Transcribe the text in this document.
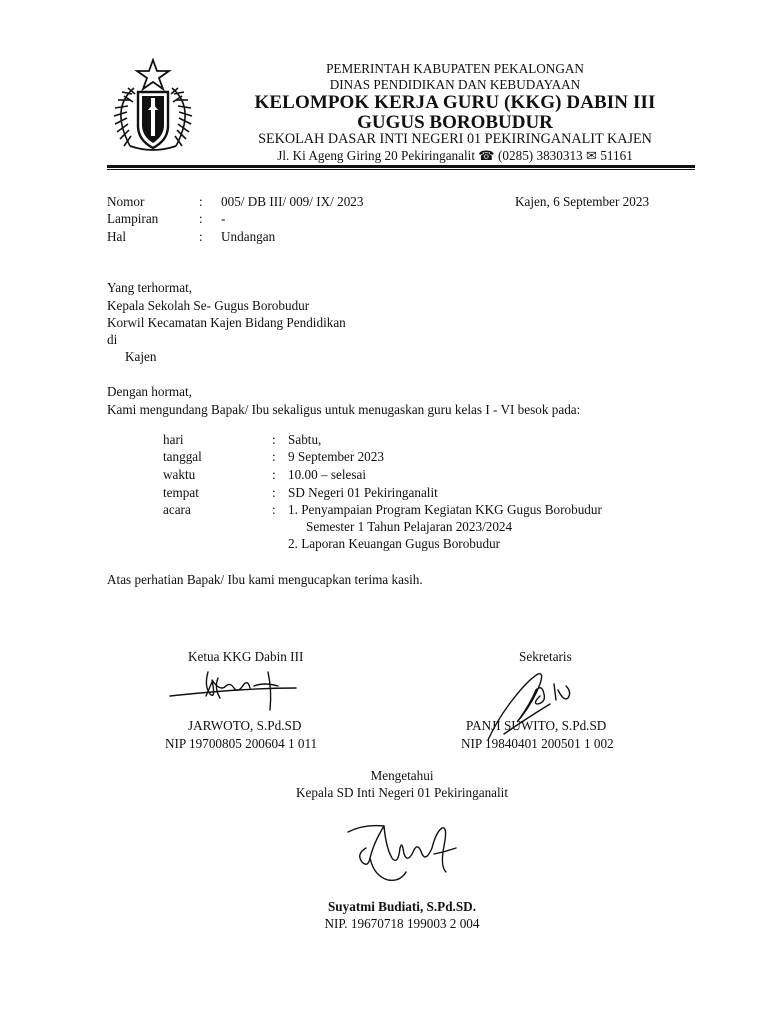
PEMERINTAH KABUPATEN PEKALONGAN
DINAS PENDIDIKAN DAN KEBUDAYAAN
KELOMPOK KERJA GURU (KKG) DABIN III
GUGUS BOROBUDUR
SEKOLAH DASAR INTI NEGERI 01 PEKIRINGANALIT KAJEN
Jl. Ki Ageng Giring 20 Pekiringanalit ☎ (0285) 3830313 ✉ 51161
Nomor	: 005/ DB III/ 009/ IX/ 2023	Kajen, 6 September 2023
Lampiran	: -
Hal	: Undangan
Yang terhormat,
Kepala Sekolah Se- Gugus Borobudur
Korwil Kecamatan Kajen Bidang Pendidikan
di
Kajen
Dengan hormat,
Kami mengundang Bapak/ Ibu sekaligus untuk menugaskan guru kelas I - VI besok pada:
hari	: Sabtu,
tanggal	: 9 September 2023
waktu	: 10.00 – selesai
tempat	: SD Negeri 01 Pekiringanalit
acara	: 1. Penyampaian Program Kegiatan KKG Gugus Borobudur
Semester 1 Tahun Pelajaran 2023/2024
2. Laporan Keuangan Gugus Borobudur
Atas perhatian Bapak/ Ibu kami mengucapkan terima kasih.
Ketua KKG Dabin III	Sekretaris
JARWOTO, S.Pd.SD	PANJI SUWITO, S.Pd.SD
NIP 19700805 200604 1 011	NIP 19840401 200501 1 002
Mengetahui
Kepala SD Inti Negeri 01 Pekiringanalit
Suyatmi Budiati, S.Pd.SD.
NIP. 19670718 199003 2 004
